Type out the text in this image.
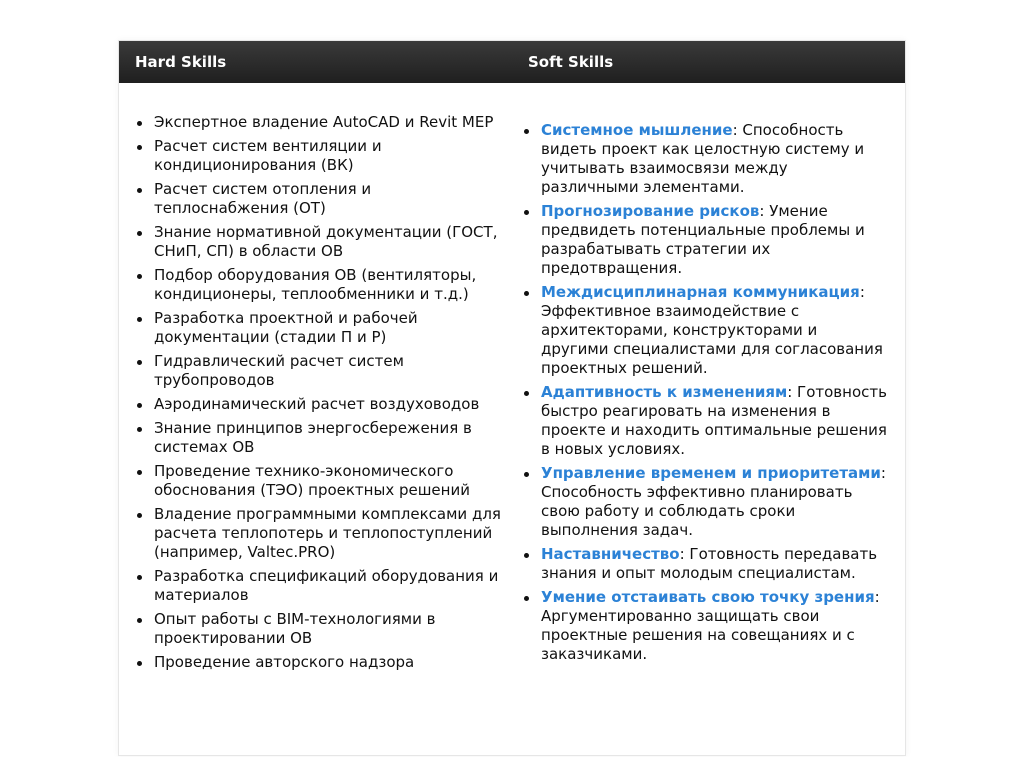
Hard Skills	Soft Skills
Экспертное владение AutoCAD и Revit MEP
Расчет систем вентиляции и кондиционирования (ВК)
Расчет систем отопления и теплоснабжения (ОТ)
Знание нормативной документации (ГОСТ, СНиП, СП) в области ОВ
Подбор оборудования ОВ (вентиляторы, кондиционеры, теплообменники и т.д.)
Разработка проектной и рабочей документации (стадии П и Р)
Гидравлический расчет систем трубопроводов
Аэродинамический расчет воздуховодов
Знание принципов энергосбережения в системах ОВ
Проведение технико-экономического обоснования (ТЭО) проектных решений
Владение программными комплексами для расчета теплопотерь и теплопоступлений (например, Valtec.PRO)
Разработка спецификаций оборудования и материалов
Опыт работы с BIM-технологиями в проектировании ОВ
Проведение авторского надзора
Системное мышление: Способность видеть проект как целостную систему и учитывать взаимосвязи между различными элементами.
Прогнозирование рисков: Умение предвидеть потенциальные проблемы и разрабатывать стратегии их предотвращения.
Междисциплинарная коммуникация: Эффективное взаимодействие с архитекторами, конструкторами и другими специалистами для согласования проектных решений.
Адаптивность к изменениям: Готовность быстро реагировать на изменения в проекте и находить оптимальные решения в новых условиях.
Управление временем и приоритетами: Способность эффективно планировать свою работу и соблюдать сроки выполнения задач.
Наставничество: Готовность передавать знания и опыт молодым специалистам.
Умение отстаивать свою точку зрения: Аргументированно защищать свои проектные решения на совещаниях и с заказчиками.
